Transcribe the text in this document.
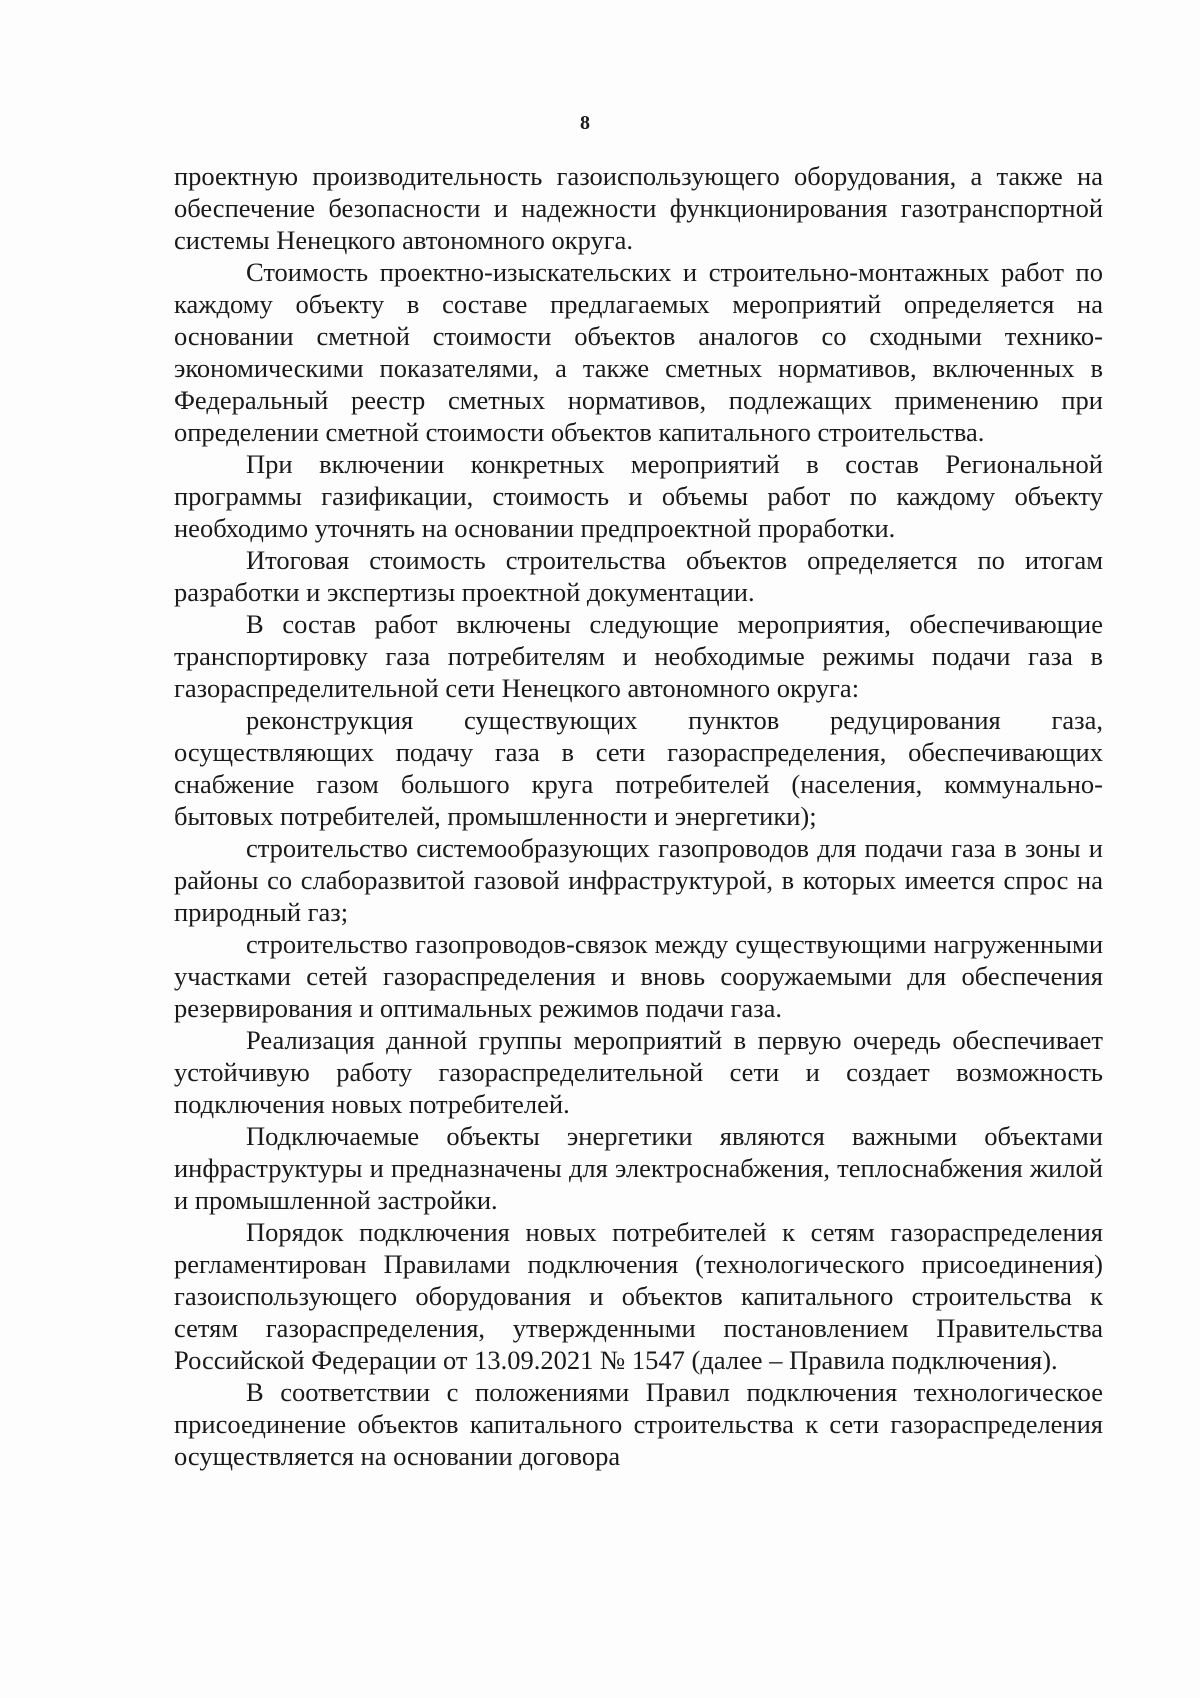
8

проектную производительность газоиспользующего оборудования, а также на обеспечение безопасности и надежности функционирования газотранспортной системы Ненецкого автономного округа.

Стоимость проектно-изыскательских и строительно-монтажных работ по каждому объекту в составе предлагаемых мероприятий определяется на основании сметной стоимости объектов аналогов со сходными технико-экономическими показателями, а также сметных нормативов, включенных в Федеральный реестр сметных нормативов, подлежащих применению при определении сметной стоимости объектов капитального строительства.

При включении конкретных мероприятий в состав Региональной программы газификации, стоимость и объемы работ по каждому объекту необходимо уточнять на основании предпроектной проработки.

Итоговая стоимость строительства объектов определяется по итогам разработки и экспертизы проектной документации.

В состав работ включены следующие мероприятия, обеспечивающие транспортировку газа потребителям и необходимые режимы подачи газа в газораспределительной сети Ненецкого автономного округа:

реконструкция существующих пунктов редуцирования газа, осуществляющих подачу газа в сети газораспределения, обеспечивающих снабжение газом большого круга потребителей (населения, коммунально-бытовых потребителей, промышленности и энергетики);

строительство системообразующих газопроводов для подачи газа в зоны и районы со слаборазвитой газовой инфраструктурой, в которых имеется спрос на природный газ;

строительство газопроводов-связок между существующими нагруженными участками сетей газораспределения и вновь сооружаемыми для обеспечения резервирования и оптимальных режимов подачи газа.

Реализация данной группы мероприятий в первую очередь обеспечивает устойчивую работу газораспределительной сети и создает возможность подключения новых потребителей.

Подключаемые объекты энергетики являются важными объектами инфраструктуры и предназначены для электроснабжения, теплоснабжения жилой и промышленной застройки.

Порядок подключения новых потребителей к сетям газораспределения регламентирован Правилами подключения (технологического присоединения) газоиспользующего оборудования и объектов капитального строительства к сетям газораспределения, утвержденными постановлением Правительства Российской Федерации от 13.09.2021 № 1547 (далее – Правила подключения).

В соответствии с положениями Правил подключения технологическое присоединение объектов капитального строительства к сети газораспределения осуществляется на основании договора
